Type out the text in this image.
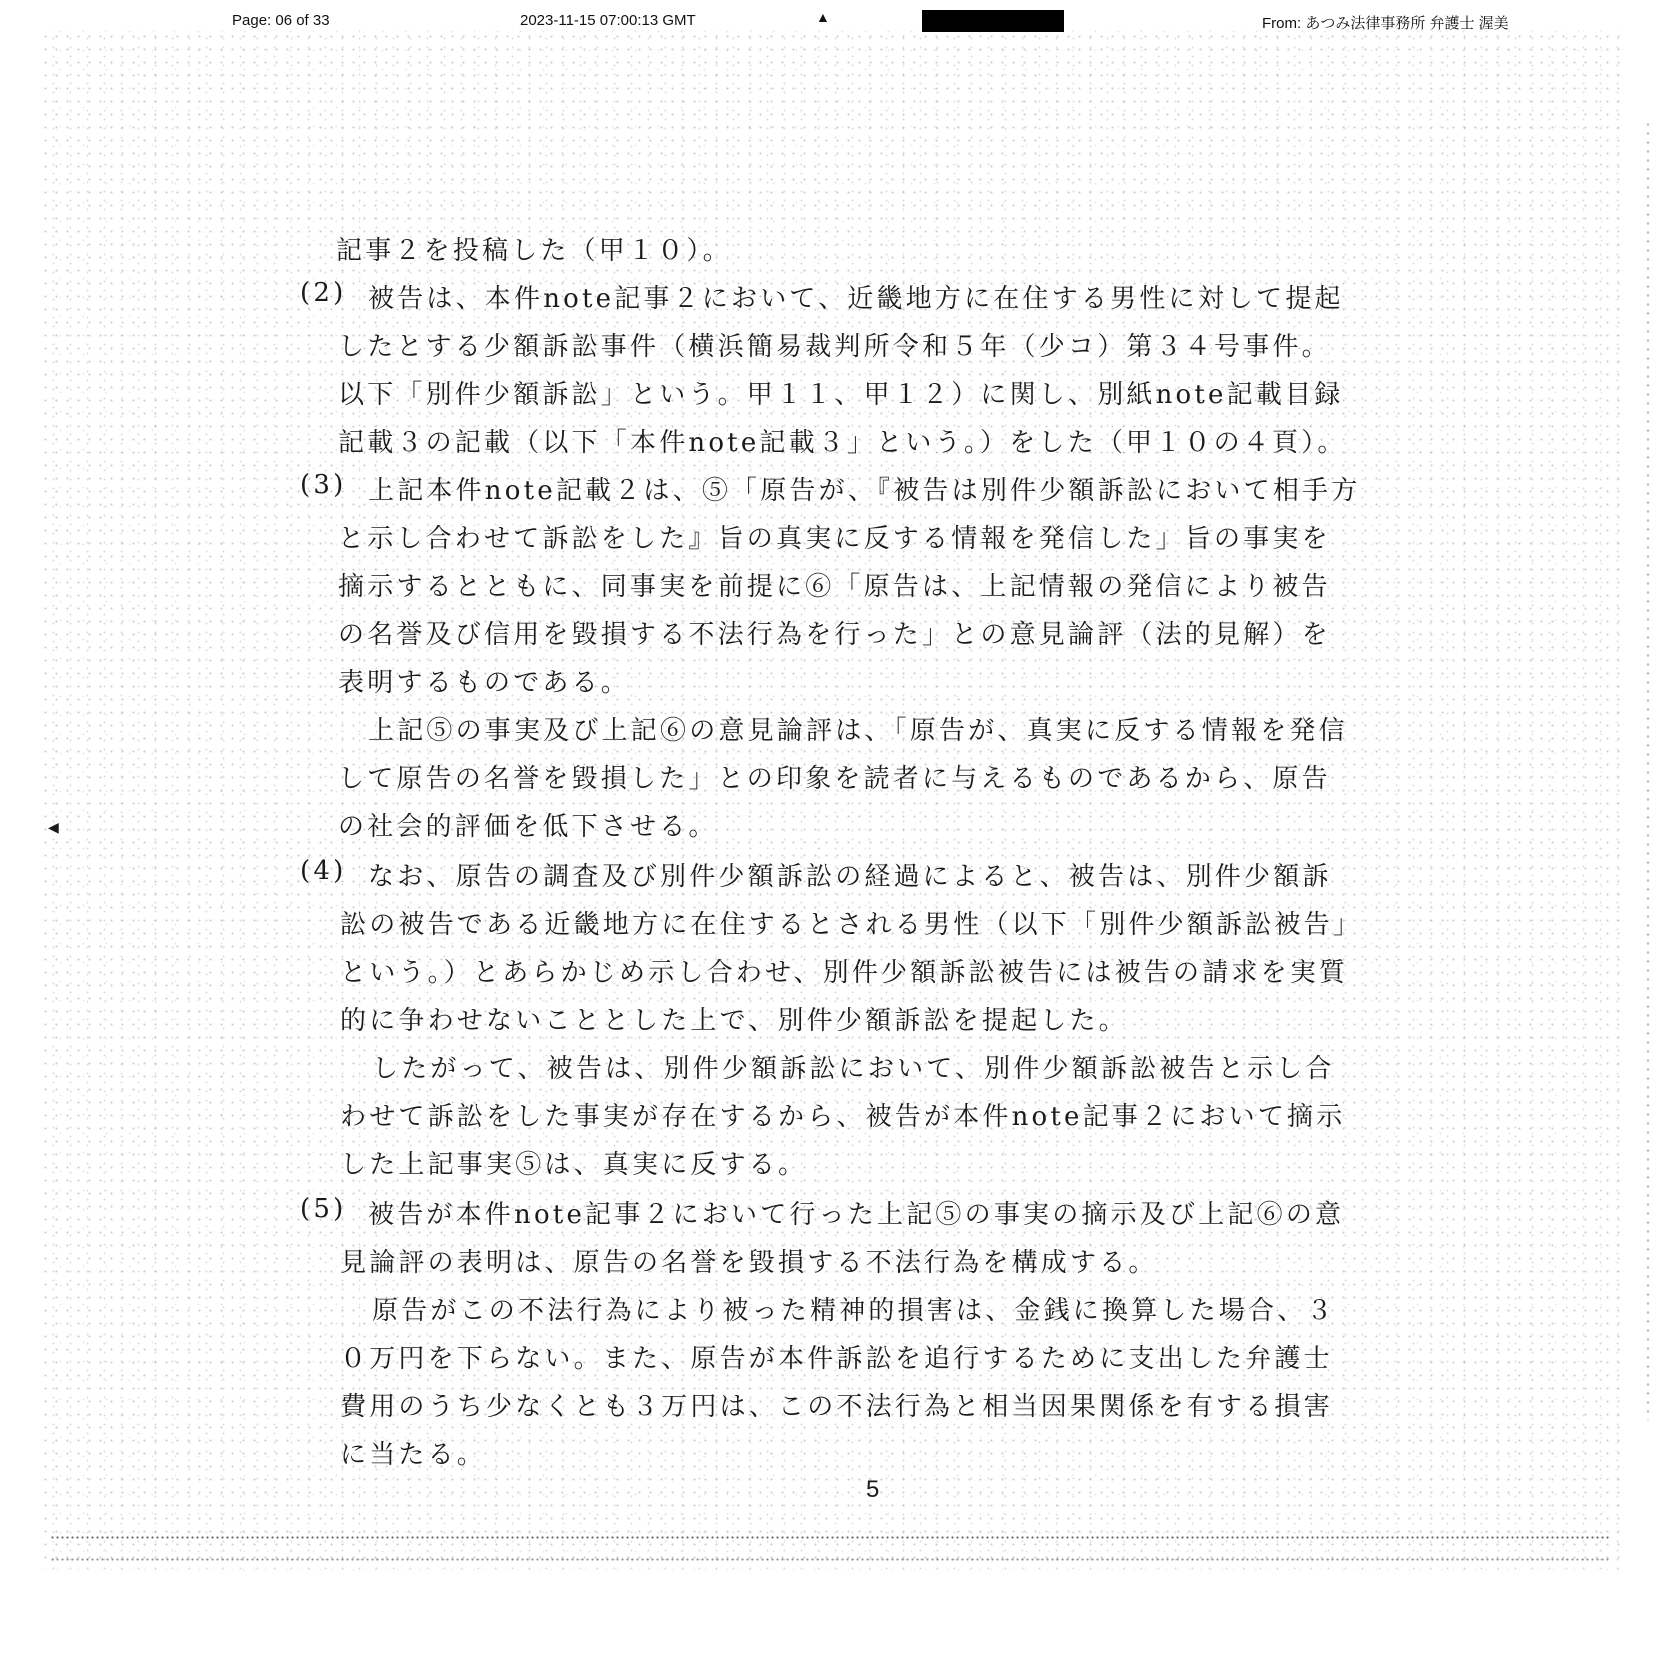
Page: 06 of 33	2023-11-15 07:00:13 GMT	▲	From: あつみ法律事務所 弁護士 渥美
◀
記事２を投稿した（甲１０）。
(2) 被告は、本件note記事２において、近畿地方に在住する男性に対して提起
したとする少額訴訟事件（横浜簡易裁判所令和５年（少コ）第３４号事件。
以下「別件少額訴訟」という。甲１１、甲１２）に関し、別紙note記載目録
記載３の記載（以下「本件note記載３」という。）をした（甲１０の４頁）。
(3) 上記本件note記載２は、⑤「原告が、『被告は別件少額訴訟において相手方
と示し合わせて訴訟をした』旨の真実に反する情報を発信した」旨の事実を
摘示するとともに、同事実を前提に⑥「原告は、上記情報の発信により被告
の名誉及び信用を毀損する不法行為を行った」との意見論評（法的見解）を
表明するものである。
上記⑤の事実及び上記⑥の意見論評は、「原告が、真実に反する情報を発信
して原告の名誉を毀損した」との印象を読者に与えるものであるから、原告
の社会的評価を低下させる。
(4) なお、原告の調査及び別件少額訴訟の経過によると、被告は、別件少額訴
訟の被告である近畿地方に在住するとされる男性（以下「別件少額訴訟被告」
という。）とあらかじめ示し合わせ、別件少額訴訟被告には被告の請求を実質
的に争わせないこととした上で、別件少額訴訟を提起した。
したがって、被告は、別件少額訴訟において、別件少額訴訟被告と示し合
わせて訴訟をした事実が存在するから、被告が本件note記事２において摘示
した上記事実⑤は、真実に反する。
(5) 被告が本件note記事２において行った上記⑤の事実の摘示及び上記⑥の意
見論評の表明は、原告の名誉を毀損する不法行為を構成する。
原告がこの不法行為により被った精神的損害は、金銭に換算した場合、３
０万円を下らない。また、原告が本件訴訟を追行するために支出した弁護士
費用のうち少なくとも３万円は、この不法行為と相当因果関係を有する損害
に当たる。
5
